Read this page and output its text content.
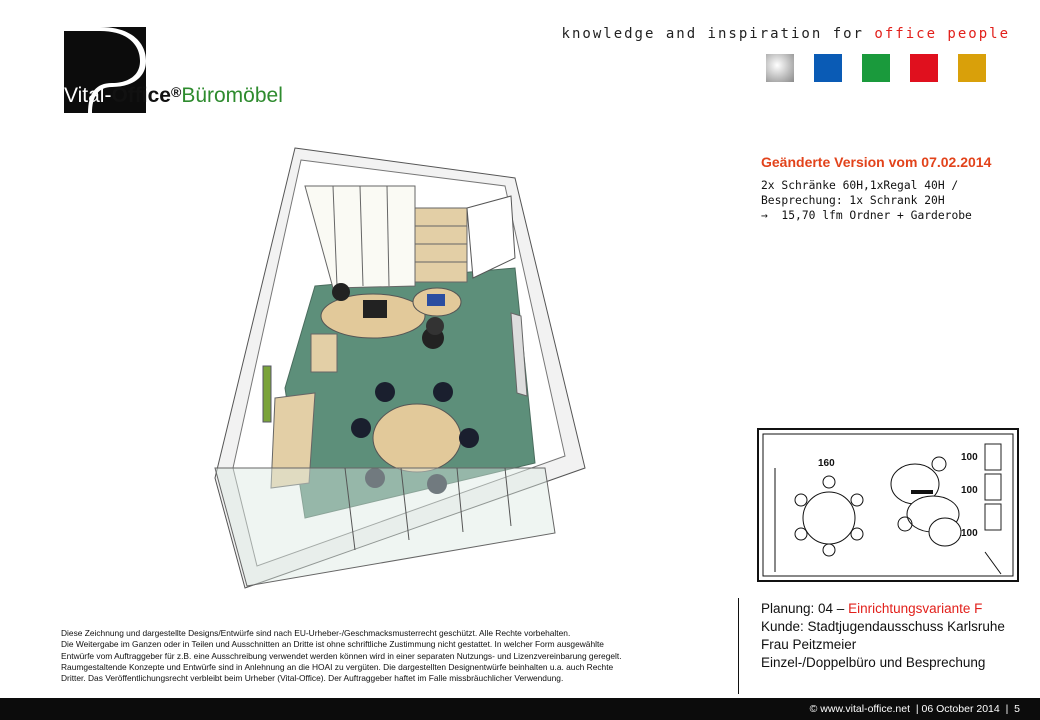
Vital-Office®Büromöbel
knowledge and inspiration for office people
Geänderte Version vom 07.02.2014
2x Schränke 60H,1xRegal 40H /
Besprechung: 1x Schrank 20H
→ 15,70 lfm Ordner + Garderobe
160
100
100
100
Planung: 04 – Einrichtungsvariante F
Kunde: Stadtjugendausschuss Karlsruhe
Frau Peitzmeier
Einzel-/Doppelbüro und Besprechung
Diese Zeichnung und dargestellte Designs/Entwürfe sind nach EU-Urheber-/Geschmacksmusterrecht geschützt. Alle Rechte vorbehalten.
Die Weitergabe im Ganzen oder in Teilen und Ausschnitten an Dritte ist ohne schriftliche Zustimmung nicht gestattet. In welcher Form ausgewählte
Entwürfe vom Auftraggeber für z.B. eine Ausschreibung verwendet werden können wird in einer separaten Nutzungs- und Lizenzvereinbarung geregelt.
Raumgestaltende Konzepte und Entwürfe sind in Anlehnung an die HOAI zu vergüten. Die dargestellten Designentwürfe beinhalten u.a. auch Rechte
Dritter. Das Veröffentlichungsrecht verbleibt beim Urheber (Vital-Office). Der Auftraggeber haftet im Falle missbräuchlicher Verwendung.
© www.vital-office.net | 06 October 2014 | 5
